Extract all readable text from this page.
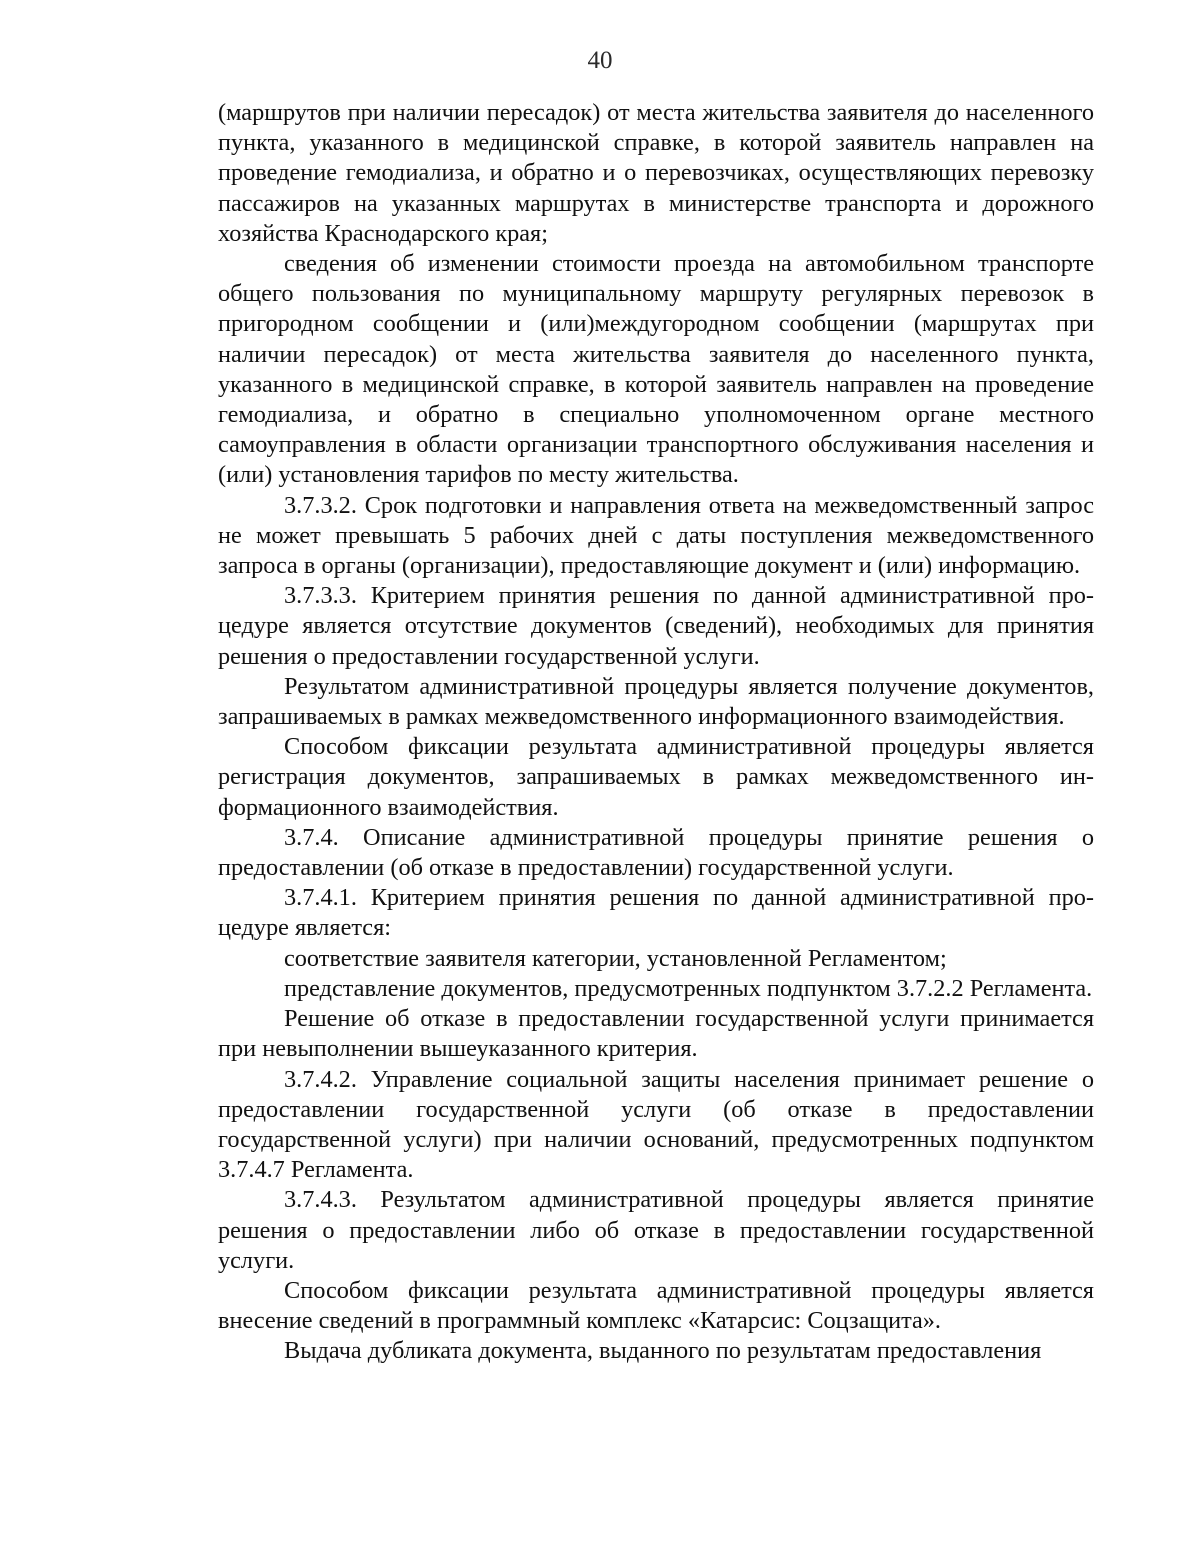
40

(маршрутов при наличии пересадок) от места жительства заявителя до населенного пункта, указанного в медицинской справке, в которой заявитель направлен на проведение гемодиализа, и обратно и о перевозчиках, осуществляющих перевозку пассажиров на указанных маршрутах в министерстве транспорта и дорожного хозяйства Краснодарского края;

сведения об изменении стоимости проезда на автомобильном транспорте общего пользования по муниципальному маршруту регулярных перевозок в пригородном сообщении и (или)междугородном сообщении (маршрутах при наличии пересадок) от места жительства заявителя до населенного пункта, указанного в медицинской справке, в которой заявитель направлен на проведение гемодиализа, и обратно в специально уполномоченном органе местного самоуправления в области организации транспортного обслуживания населения и (или) установления тарифов по месту жительства.

3.7.3.2. Срок подготовки и направления ответа на межведомственный запрос не может превышать 5 рабочих дней с даты поступления межведомственного запроса в органы (организации), предоставляющие документ и (или) информацию.

3.7.3.3. Критерием принятия решения по данной административной процедуре является отсутствие документов (сведений), необходимых для принятия решения о предоставлении государственной услуги.

Результатом административной процедуры является получение документов, запрашиваемых в рамках межведомственного информационного взаимодействия.

Способом фиксации результата административной процедуры является регистрация документов, запрашиваемых в рамках межведомственного информационного взаимодействия.

3.7.4. Описание административной процедуры принятие решения о предоставлении (об отказе в предоставлении) государственной услуги.

3.7.4.1. Критерием принятия решения по данной административной процедуре является:

соответствие заявителя категории, установленной Регламентом;

представление документов, предусмотренных подпунктом 3.7.2.2 Регламента.

Решение об отказе в предоставлении государственной услуги принимается при невыполнении вышеуказанного критерия.

3.7.4.2. Управление социальной защиты населения принимает решение о предоставлении государственной услуги (об отказе в предоставлении государственной услуги) при наличии оснований, предусмотренных подпунктом 3.7.4.7 Регламента.

3.7.4.3. Результатом административной процедуры является принятие решения о предоставлении либо об отказе в предоставлении государственной услуги.

Способом фиксации результата административной процедуры является внесение сведений в программный комплекс «Катарсис: Соцзащита».

Выдача дубликата документа, выданного по результатам предоставления
